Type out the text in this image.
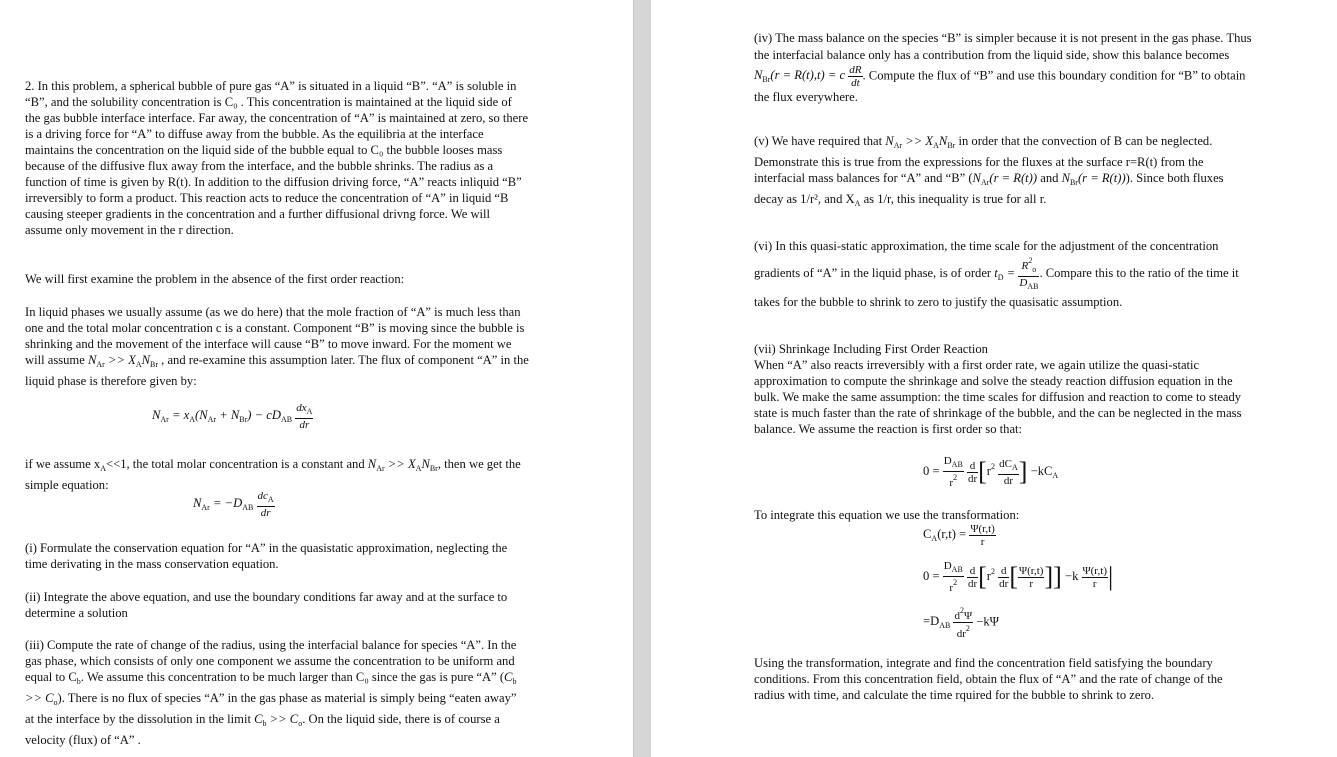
2. In this problem, a spherical bubble of pure gas “A” is situated in a liquid “B”. “A” is soluble in “B”, and the solubility concentration is C₀ . This concentration is maintained at the liquid side of the gas bubble interface interface. Far away, the concentration of “A” is maintained at zero, so there is a driving force for “A” to diffuse away from the bubble. As the equilibria at the interface maintains the concentration on the liquid side of the bubble equal to C₀ the bubble looses mass because of the diffusive flux away from the interface, and the bubble shrinks. The radius as a function of time is given by R(t). In addition to the diffusion driving force, “A” reacts inliquid “B” irreversibly to form a product. This reaction acts to reduce the concentration of “A” in liquid “B causing steeper gradients in the concentration and a further diffusional drivng force. We will assume only movement in the r direction.

We will first examine the problem in the absence of the first order reaction:

In liquid phases we usually assume (as we do here) that the mole fraction of “A” is much less than one and the total molar concentration c is a constant. Component “B” is moving since the bubble is shrinking and the movement of the interface will cause “B” to move inward. For the moment we will assume $N_{Ar} >> X_AN_{Br}$ , and re-examine this assumption later. The flux of component “A” in the liquid phase is therefore given by:

$N_{Ar} = x_A(N_{Ar} + N_{Br}) - cD_{AB} \frac{dx_A}{dr}$

if we assume $x_A<<1$, the total molar concentration is a constant and $N_{Ar} >> X_AN_{Br}$, then we get the simple equation:

$N_{Ar} = -D_{AB} \frac{dc_A}{dr}$

(i) Formulate the conservation equation for “A” in the quasistatic approximation, neglecting the time derivating in the mass conservation equation.

(ii) Integrate the above equation, and use the boundary conditions far away and at the surface to determine a solution

(iii) Compute the rate of change of the radius, using the interfacial balance for species “A”. In the gas phase, which consists of only one component we assume the concentration to be uniform and equal to $C_b$. We assume this concentration to be much larger than C₀ since the gas is pure “A” $(C_b >> C_o)$. There is no flux of species “A” in the gas phase as material is simply being “eaten away” at the interface by the dissolution in the limit $C_b >> C_o$. On the liquid side, there is of course a velocity (flux) of “A” .

(iv) The mass balance on the species “B” is simpler because it is not present in the gas phase. Thus the interfacial balance only has a contribution from the liquid side, show this balance becomes $N_{Br}(r = R(t),t) = c \frac{dR}{dt}$ . Compute the flux of “B” and use this boundary condition for “B” to obtain the flux everywhere.

(v) We have required that $N_{Ar} >> X_AN_{Br}$ in order that the convection of B can be neglected. Demonstrate this is true from the expressions for the fluxes at the surface r=R(t) from the interfacial mass balances for “A” and “B” ($N_{Ar}(r = R(t))$ and $N_{Br}(r = R(t))$). Since both fluxes decay as 1/r², and $X_A$ as 1/r, this inequality is true for all r.

(vi) In this quasi-static approximation, the time scale for the adjustment of the concentration gradients of “A” in the liquid phase, is of order $t_D = \frac{R^2_o}{D_{AB}}$ . Compare this to the ratio of the time it takes for the bubble to shrink to zero to justify the quasisatic assumption.

(vii) Shrinkage Including First Order Reaction

When “A” also reacts irreversibly with a first order rate, we again utilize the quasi-static approximation to compute the shrinkage and solve the steady reaction diffusion equation in the bulk. We make the same assumption: the time scales for diffusion and reaction to come to steady state is much faster than the rate of shrinkage of the bubble, and the can be neglected in the mass balance. We assume the reaction is first order so that:

$0 = \frac{D_{AB}}{r^2}$
$\frac{d}{dr} [r^2 \frac{dC_A}{dr}$ ] $-kC_A$

To integrate this equation we use the transformation:

$C_A(r,t) = \frac{\Psi(r,t)}{r}$
$0 = \frac{D_{AB}}{r^2}$
$\frac{d}{dr} [r^2 \frac{d}{dr}$ [ $\frac{\Psi(r,t)}{r}$ ]] $-k \frac{\Psi(r,t)}{r}$ |
$=D_{AB} \frac{d^2\Psi}{dr^2} -k\Psi$

Using the transformation, integrate and find the concentration field satisfying the boundary conditions. From this concentration field, obtain the flux of “A” and the rate of change of the radius with time, and calculate the time rquired for the bubble to shrink to zero.
